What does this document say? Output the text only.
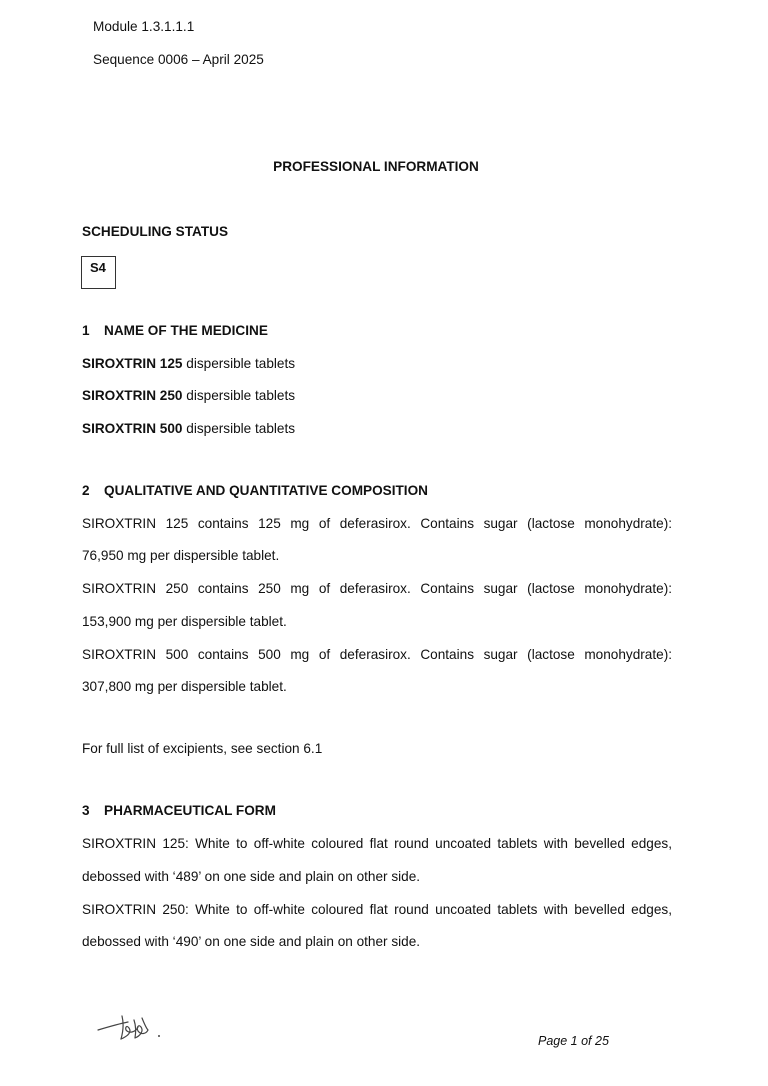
Module 1.3.1.1.1
Sequence 0006 – April 2025
PROFESSIONAL INFORMATION
SCHEDULING STATUS
S4
1 NAME OF THE MEDICINE
SIROXTRIN 125 dispersible tablets
SIROXTRIN 250 dispersible tablets
SIROXTRIN 500 dispersible tablets
2 QUALITATIVE AND QUANTITATIVE COMPOSITION
SIROXTRIN 125 contains 125 mg of deferasirox. Contains sugar (lactose monohydrate):
76,950 mg per dispersible tablet.
SIROXTRIN 250 contains 250 mg of deferasirox. Contains sugar (lactose monohydrate):
153,900 mg per dispersible tablet.
SIROXTRIN 500 contains 500 mg of deferasirox. Contains sugar (lactose monohydrate):
307,800 mg per dispersible tablet.
For full list of excipients, see section 6.1
3 PHARMACEUTICAL FORM
SIROXTRIN 125: White to off-white coloured flat round uncoated tablets with bevelled edges,
debossed with ‘489’ on one side and plain on other side.
SIROXTRIN 250: White to off-white coloured flat round uncoated tablets with bevelled edges,
debossed with ‘490’ on one side and plain on other side.
Page 1 of 25
